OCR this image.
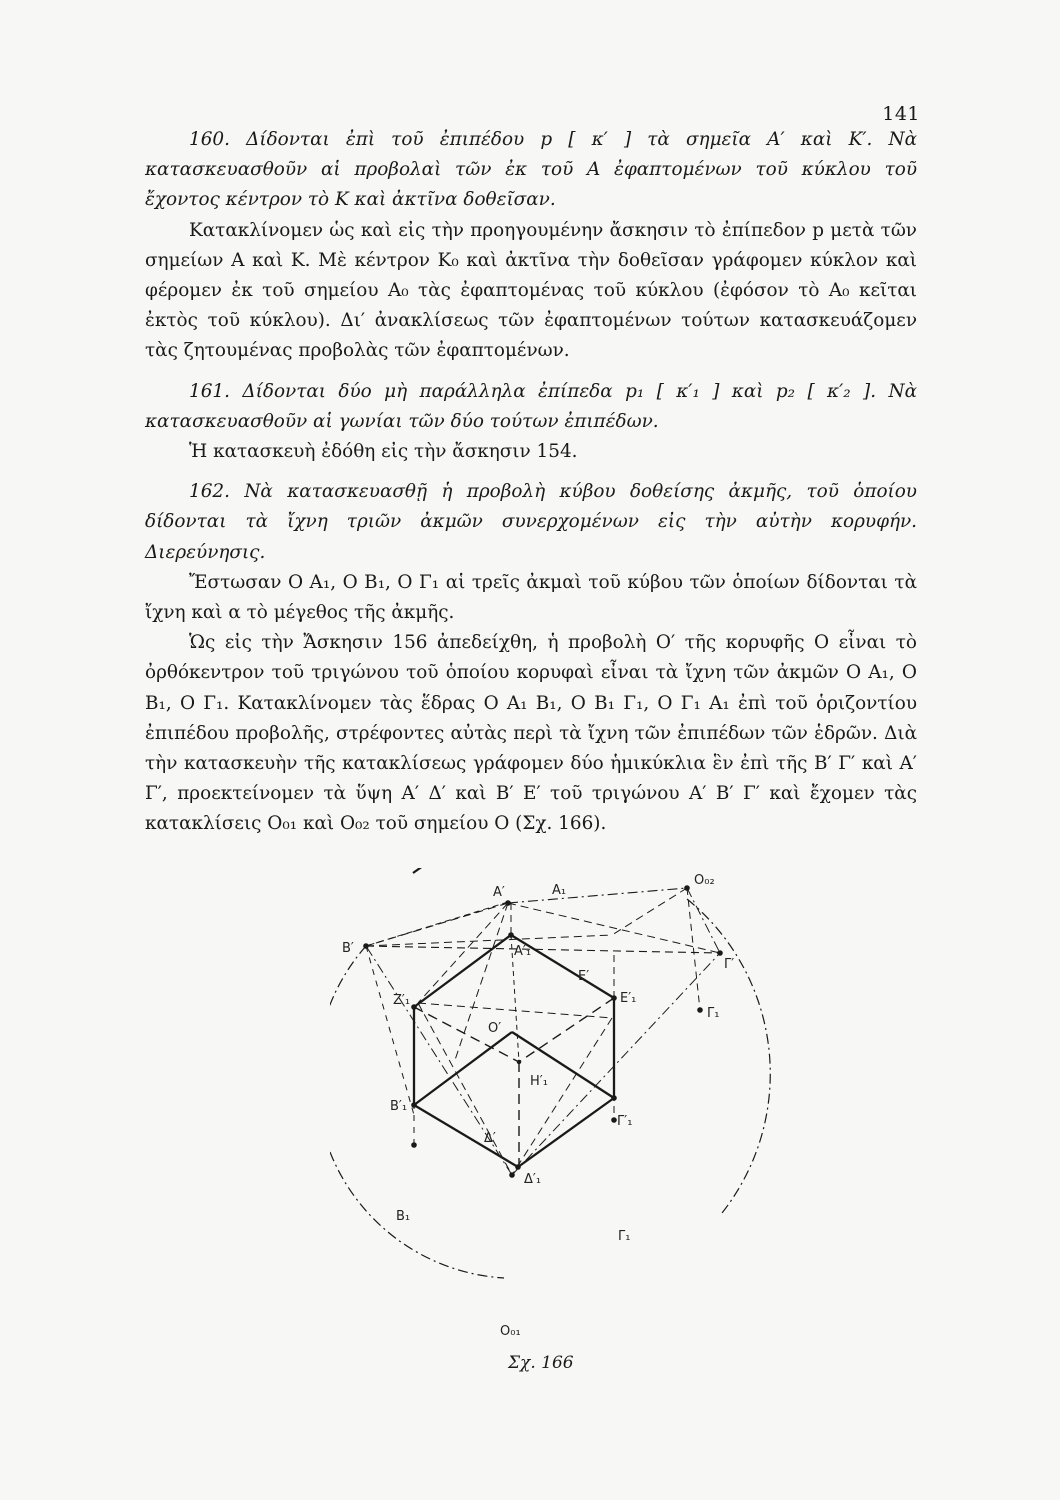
141

160. Δίδονται ἐπὶ τοῦ ἐπιπέδου p [ κ′ ] τὰ σημεῖα A′ καὶ K′. Νὰ κατασκευασθοῦν αἱ προβολαὶ τῶν ἐκ τοῦ A ἐφαπτομένων τοῦ κύκλου τοῦ ἔχοντος κέντρον τὸ K καὶ ἀκτῖνα δοθεῖσαν.

Κατακλίνομεν ὡς καὶ εἰς τὴν προηγουμένην ἄσκησιν τὸ ἐπίπεδον p μετὰ τῶν σημείων A καὶ K. Μὲ κέντρον K₀ καὶ ἀκτῖνα τὴν δοθεῖσαν γράφομεν κύκλον καὶ φέρομεν ἐκ τοῦ σημείου A₀ τὰς ἐφαπτομένας τοῦ κύκλου (ἐφόσον τὸ A₀ κεῖται ἐκτὸς τοῦ κύκλου). Δι′ ἀνακλίσεως τῶν ἐφαπτομένων τούτων κατασκευάζομεν τὰς ζητουμένας προβολὰς τῶν ἐφαπτομένων.

161. Δίδονται δύο μὴ παράλληλα ἐπίπεδα p₁ [ κ′₁ ] καὶ p₂ [ κ′₂ ]. Νὰ κατασκευασθοῦν αἱ γωνίαι τῶν δύο τούτων ἐπιπέδων.

Ἡ κατασκευὴ ἐδόθη εἰς τὴν ἄσκησιν 154.

162. Νὰ κατασκευασθῇ ἡ προβολὴ κύβου δοθείσης ἀκμῆς, τοῦ ὁποίου δίδονται τὰ ἴχνη τριῶν ἀκμῶν συνερχομένων εἰς τὴν αὐτὴν κορυφήν. Διερεύνησις.

Ἔστωσαν O A₁, O B₁, O Γ₁ αἱ τρεῖς ἀκμαὶ τοῦ κύβου τῶν ὁποίων δίδονται τὰ ἴχνη καὶ α τὸ μέγεθος τῆς ἀκμῆς.

Ὡς εἰς τὴν Ἄσκησιν 156 ἀπεδείχθη, ἡ προβολὴ O′ τῆς κορυφῆς O εἶναι τὸ ὀρθόκεντρον τοῦ τριγώνου τοῦ ὁποίου κορυφαὶ εἶναι τὰ ἴχνη τῶν ἀκμῶν O A₁, O B₁, O Γ₁. Κατακλίνομεν τὰς ἕδρας O A₁ B₁, O B₁ Γ₁, O Γ₁ A₁ ἐπὶ τοῦ ὁριζοντίου ἐπιπέδου προβολῆς, στρέφοντες αὐτὰς περὶ τὰ ἴχνη τῶν ἐπιπέδων τῶν ἑδρῶν. Διὰ τὴν κατασκευὴν τῆς κατακλίσεως γράφομεν δύο ἡμικύκλια ἓν ἐπὶ τῆς B′ Γ′ καὶ A′ Γ′, προεκτείνομεν τὰ ὕψη A′ Δ′ καὶ B′ E′ τοῦ τριγώνου A′ B′ Γ′ καὶ ἔχομεν τὰς κατακλίσεις O₀₁ καὶ O₀₂ τοῦ σημείου O (Σχ. 166).

A′	A₁
O₀₂
A′₁
E′
E′₁
Z′₁
O′
Γ₁
H′₁
B′₁
B′
Δ′
Γ′₁
Γ′
Δ′₁
B₁
Γ₁
O₀₁
Σχ. 166
